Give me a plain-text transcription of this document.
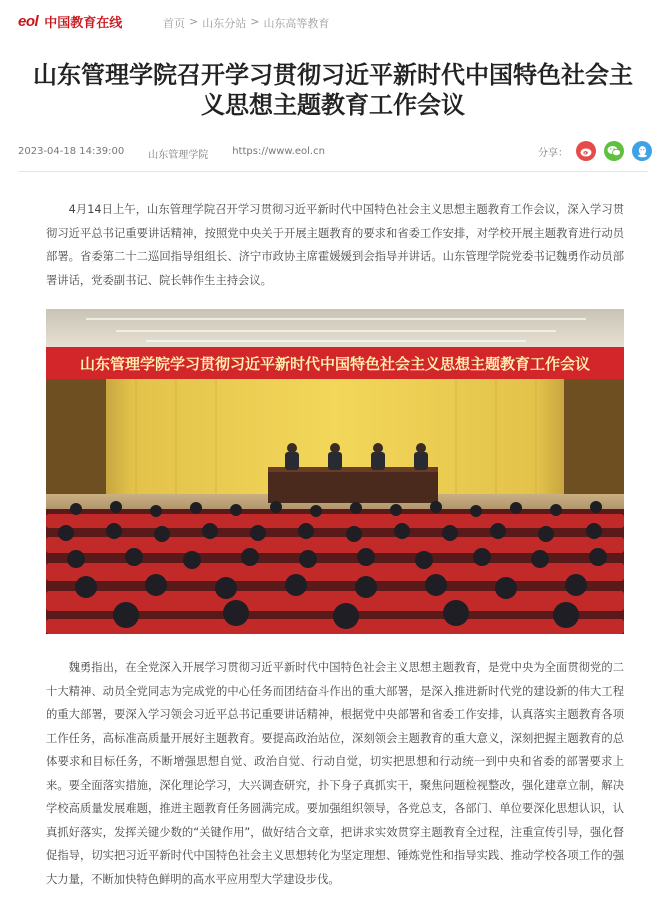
eol 中国教育在线	首页 > 山东分站 > 山东高等教育
山东管理学院召开学习贯彻习近平新时代中国特色社会主义思想主题教育工作会议
2023-04-18 14:39:00 山东管理学院 https://www.eol.cn	分享：

4月14日上午，山东管理学院召开学习贯彻习近平新时代中国特色社会主义思想主题教育工作会议，深入学习贯彻习近平总书记重要讲话精神，按照党中央关于开展主题教育的要求和省委工作安排，对学校开展主题教育进行动员部署。省委第二十二巡回指导组组长、济宁市政协主席霍媛媛到会指导并讲话。山东管理学院党委书记魏勇作动员部署讲话，党委副书记、院长韩作生主持会议。

山东管理学院学习贯彻习近平新时代中国特色社会主义思想主题教育工作会议

魏勇指出，在全党深入开展学习贯彻习近平新时代中国特色社会主义思想主题教育，是党中央为全面贯彻党的二十大精神、动员全党同志为完成党的中心任务而团结奋斗作出的重大部署，是深入推进新时代党的建设新的伟大工程的重大部署，要深入学习领会习近平总书记重要讲话精神，根据党中央部署和省委工作安排，认真落实主题教育各项工作任务，高标准高质量开展好主题教育。要提高政治站位，深刻领会主题教育的重大意义，深刻把握主题教育的总体要求和目标任务，不断增强思想自觉、政治自觉、行动自觉，切实把思想和行动统一到中央和省委的部署要求上来。要全面落实措施，深化理论学习，大兴调查研究，扑下身子真抓实干，聚焦问题检视整改，强化建章立制，解决学校高质量发展难题，推进主题教育任务圆满完成。要加强组织领导，各党总支，各部门、单位要深化思想认识，认真抓好落实，发挥关键少数的“关键作用”，做好结合文章，把讲求实效贯穿主题教育全过程，注重宣传引导，强化督促指导，切实把习近平新时代中国特色社会主义思想转化为坚定理想、锤炼党性和指导实践、推动学校各项工作的强大力量，不断加快特色鲜明的高水平应用型大学建设步伐。
